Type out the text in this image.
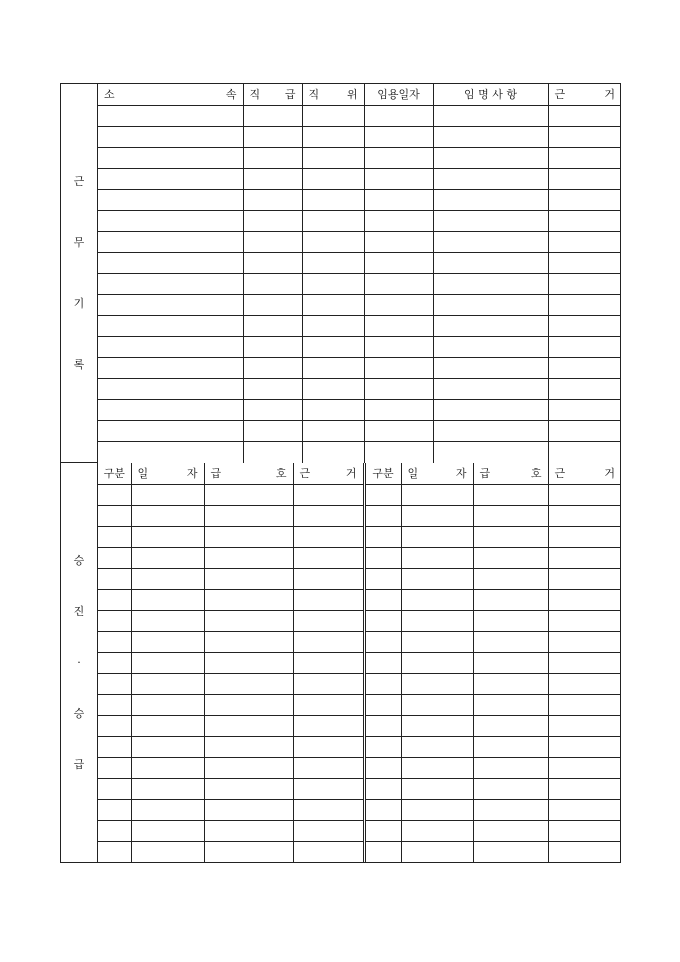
근
무
기
록
소 속	직 급	직 위	임용일자	임 명 사 항	근 거

승
진
·
승
급
구분	일 자	급 호	근 거	구분	일 자	급 호	근 거
